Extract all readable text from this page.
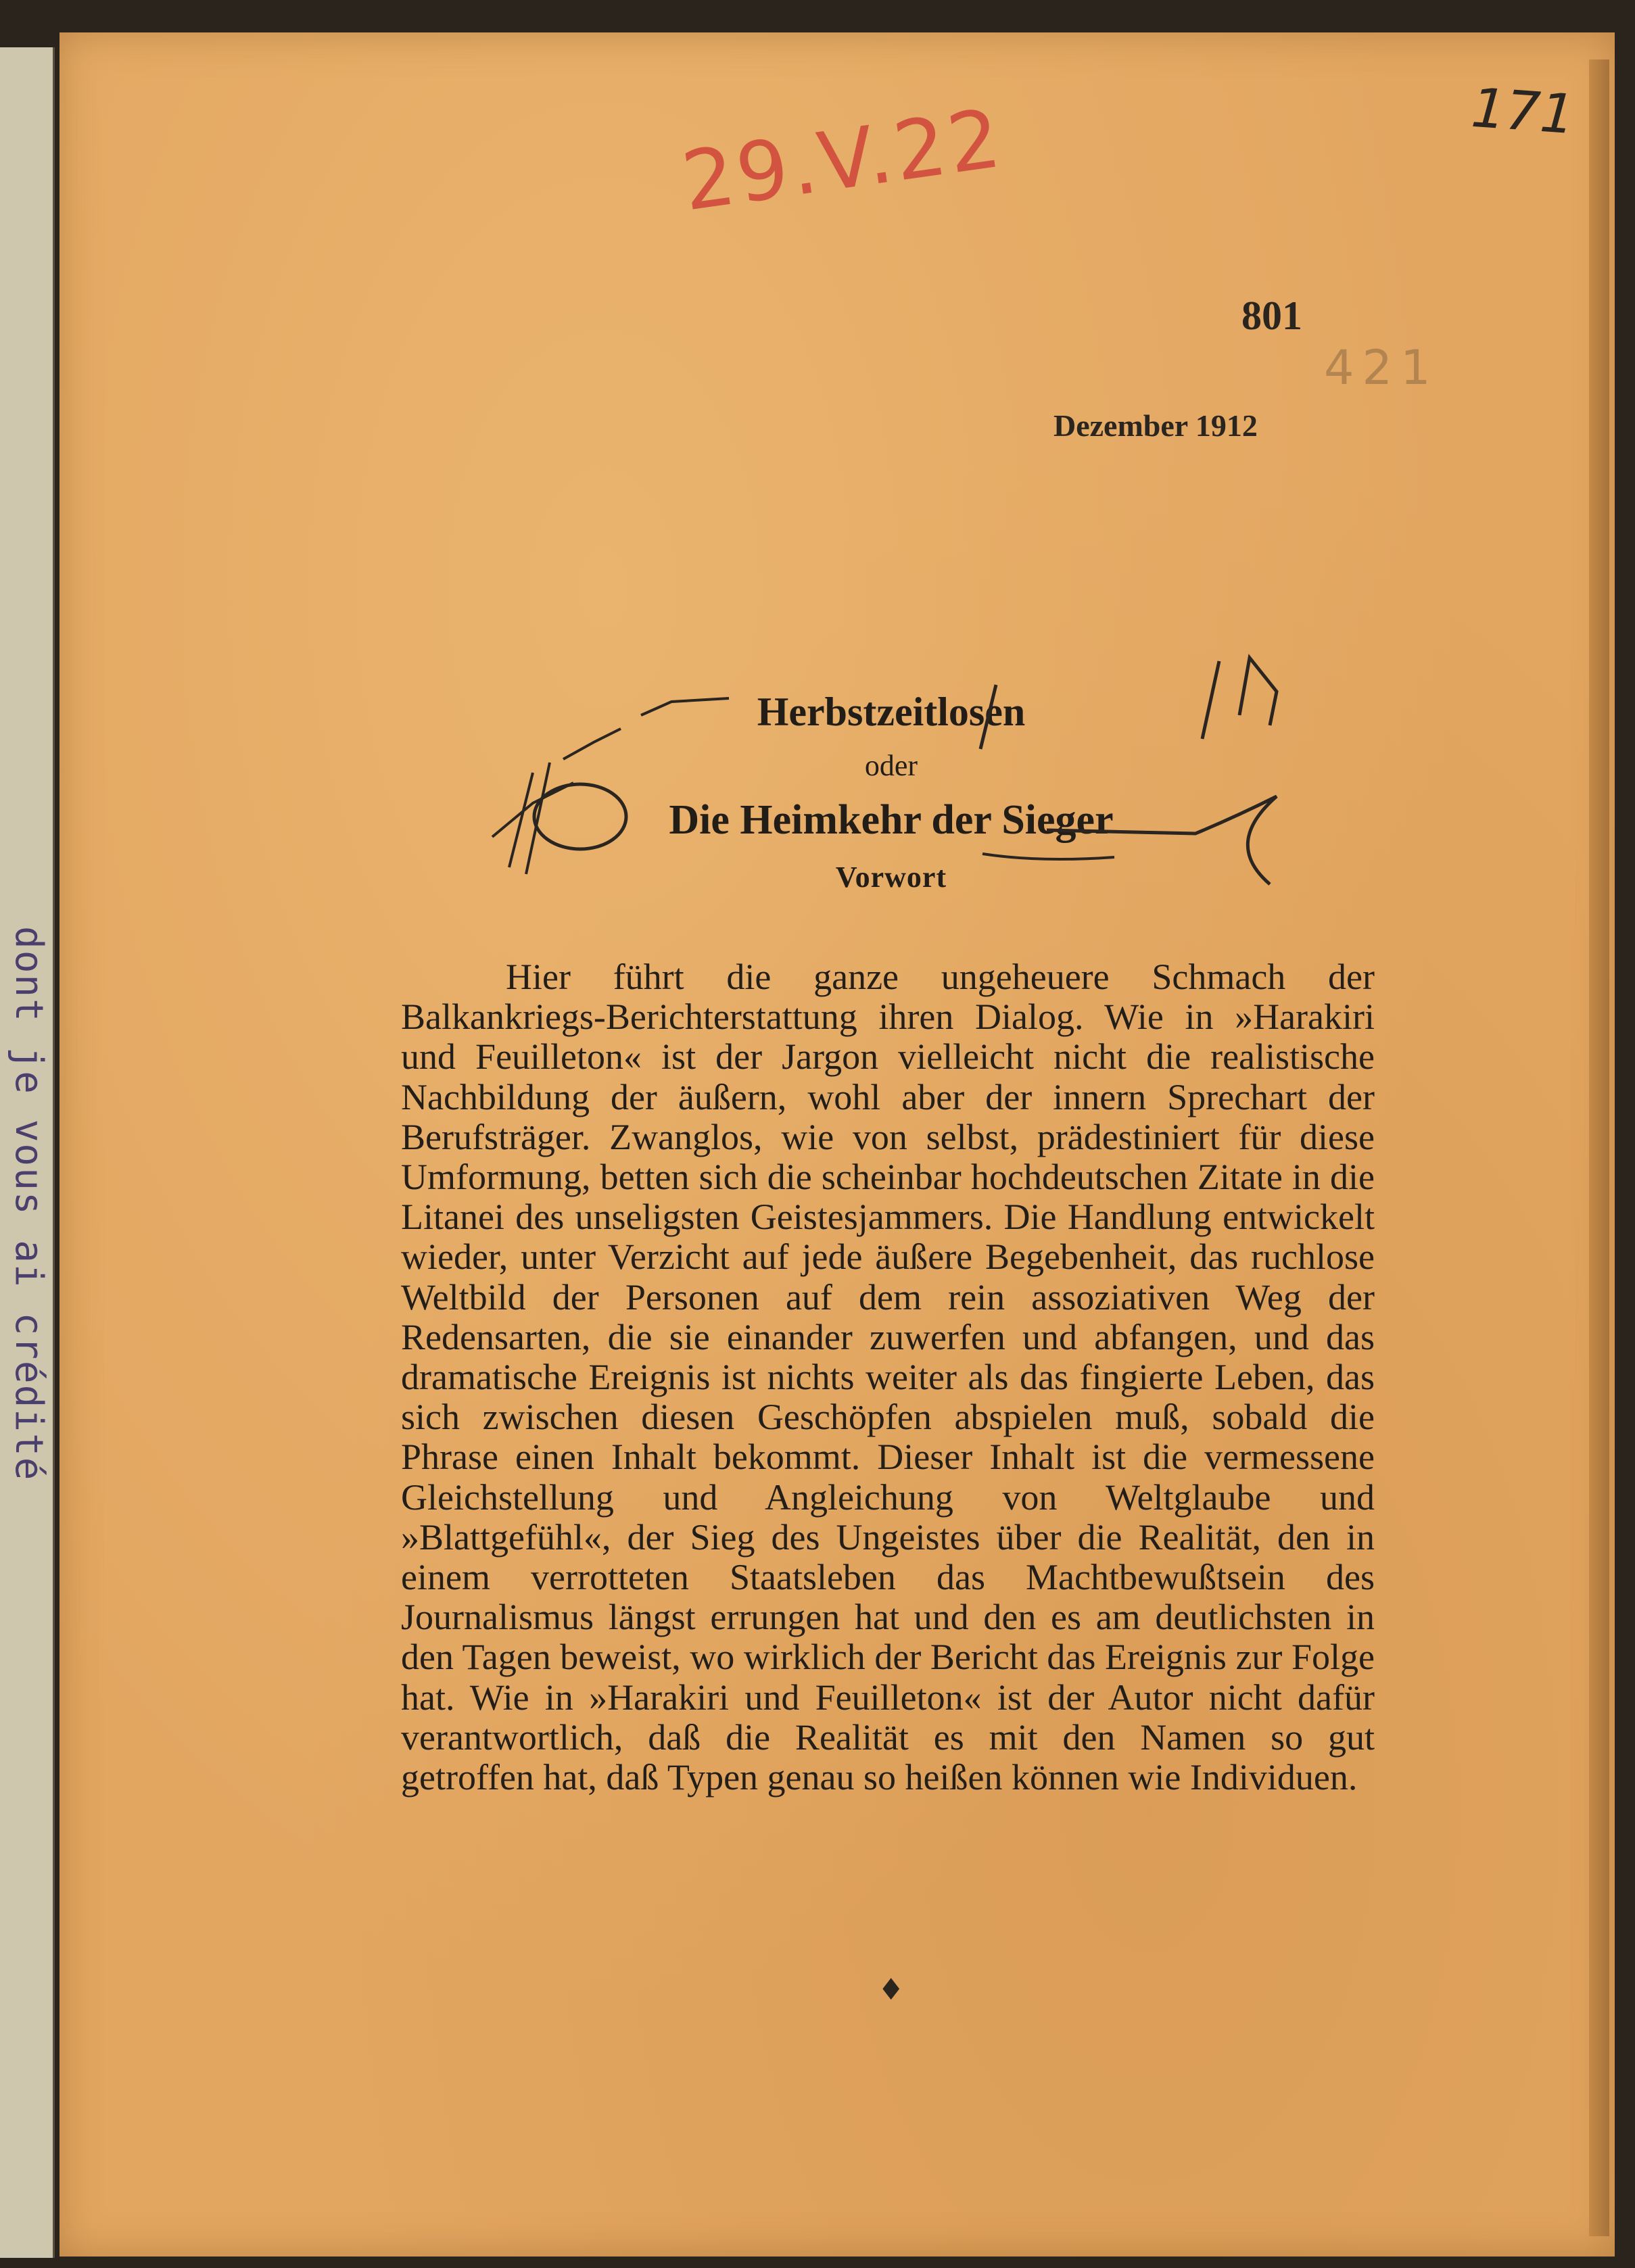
dont je vous ai crédité
171
29.V.22
801
421
Dezember 1912
Herbstzeitlosen
oder
Die Heimkehr der Sieger
Vorwort

Hier führt die ganze ungeheuere Schmach der Balkankriegs-Berichterstattung ihren Dialog. Wie in »Harakiri und Feuilleton« ist der Jargon vielleicht nicht die realistische Nachbildung der äußern, wohl aber der innern Sprechart der Berufsträger. Zwanglos, wie von selbst, prädestiniert für diese Umformung, betten sich die scheinbar hochdeutschen Zitate in die Litanei des unseligsten Geistesjammers. Die Handlung entwickelt wieder, unter Verzicht auf jede äußere Begebenheit, das ruchlose Weltbild der Personen auf dem rein assoziativen Weg der Redensarten, die sie einander zuwerfen und abfangen, und das dramatische Ereignis ist nichts weiter als das fingierte Leben, das sich zwischen diesen Geschöpfen abspielen muß, sobald die Phrase einen Inhalt bekommt. Dieser Inhalt ist die vermessene Gleichstellung und Angleichung von Weltglaube und »Blattgefühl«, der Sieg des Ungeistes über die Realität, den in einem verrotteten Staatsleben das Machtbewußtsein des Journalismus längst errungen hat und den es am deutlichsten in den Tagen beweist, wo wirklich der Bericht das Ereignis zur Folge hat. Wie in »Harakiri und Feuilleton« ist der Autor nicht dafür verantwortlich, daß die Realität es mit den Namen so gut getroffen hat, daß Typen genau so heißen können wie Individuen.

♦
